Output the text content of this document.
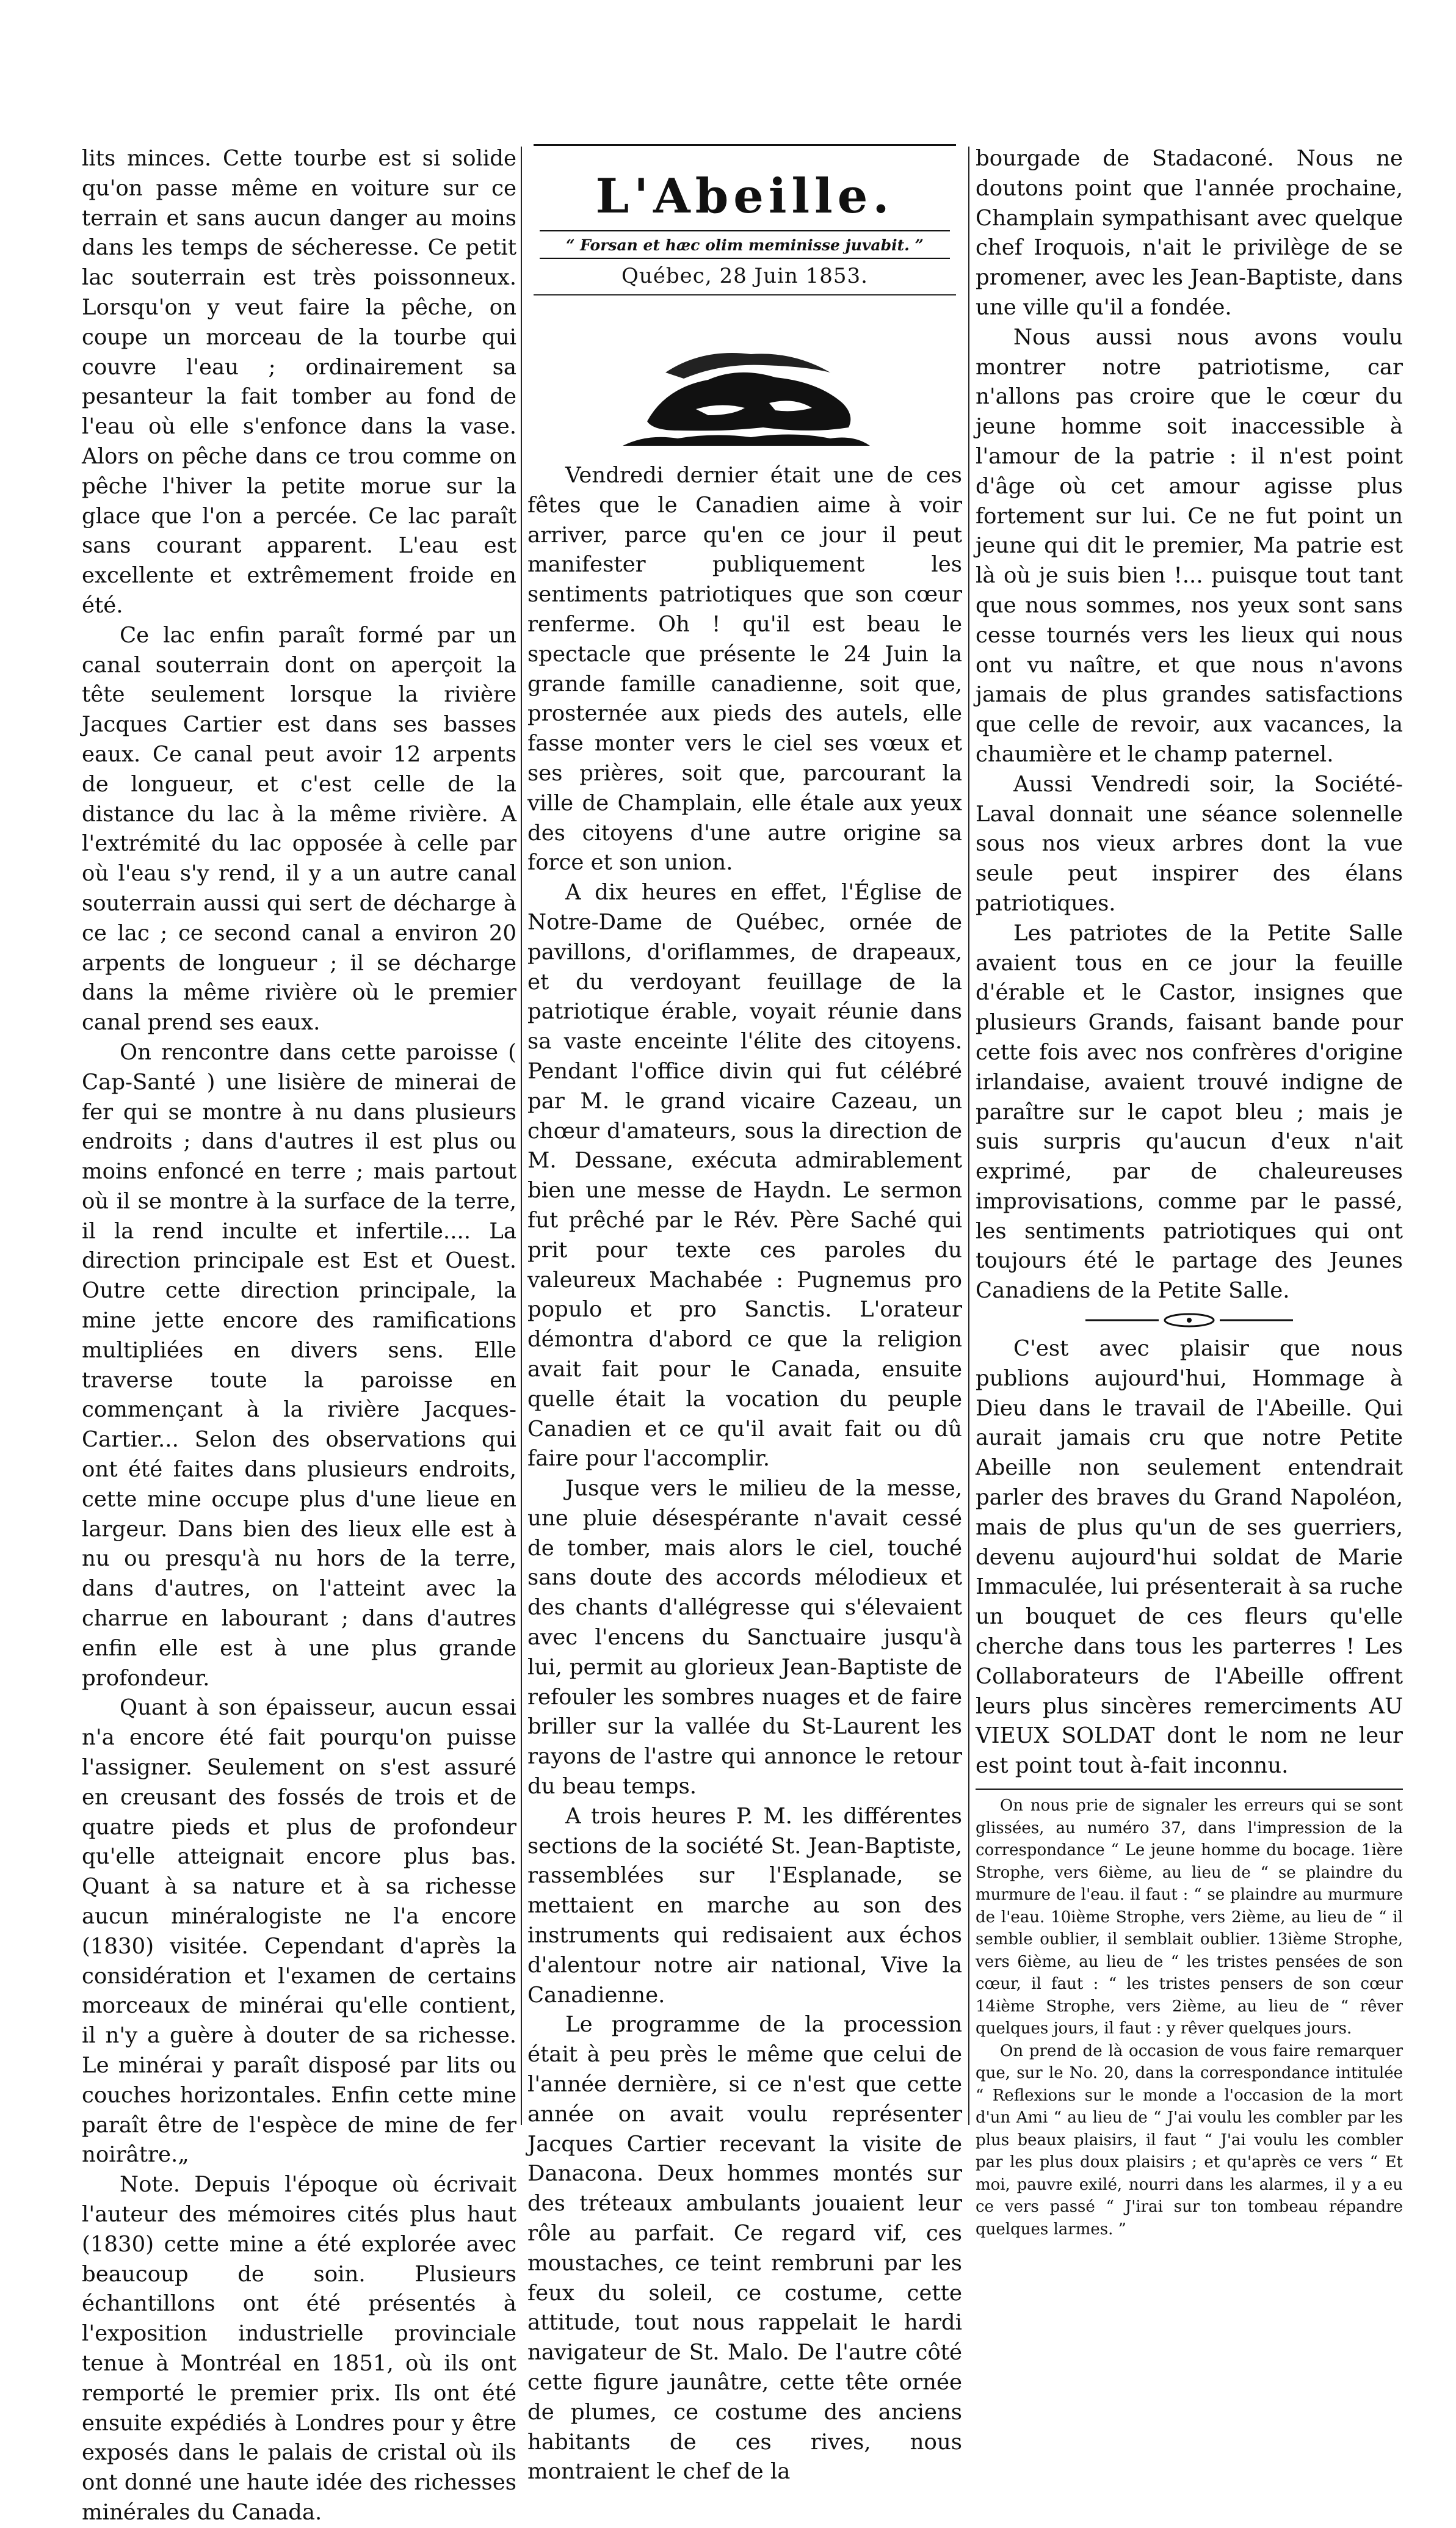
lits minces. Cette tourbe est si solide qu'on passe même en voiture sur ce terrain et sans aucun danger au moins dans les temps de sécheresse. Ce petit lac souterrain est très poissonneux. Lorsqu'on y veut faire la pêche, on coupe un morceau de la tourbe qui couvre l'eau ; ordinairement sa pesanteur la fait tomber au fond de l'eau où elle s'enfonce dans la vase. Alors on pêche dans ce trou comme on pêche l'hiver la petite morue sur la glace que l'on a percée. Ce lac paraît sans courant apparent. L'eau est excellente et extrêmement froide en été.

Ce lac enfin paraît formé par un canal souterrain dont on aperçoit la tête seulement lorsque la rivière Jacques Cartier est dans ses basses eaux. Ce canal peut avoir 12 arpents de longueur, et c'est celle de la distance du lac à la même rivière. A l'extrémité du lac opposée à celle par où l'eau s'y rend, il y a un autre canal souterrain aussi qui sert de décharge à ce lac ; ce second canal a environ 20 arpents de longueur ; il se décharge dans la même rivière où le premier canal prend ses eaux.

On rencontre dans cette paroisse ( Cap-Santé ) une lisière de minerai de fer qui se montre à nu dans plusieurs endroits ; dans d'autres il est plus ou moins enfoncé en terre ; mais partout où il se montre à la surface de la terre, il la rend inculte et infertile.... La direction principale est Est et Ouest. Outre cette direction principale, la mine jette encore des ramifications multipliées en divers sens. Elle traverse toute la paroisse en commençant à la rivière Jacques-Cartier... Selon des observations qui ont été faites dans plusieurs endroits, cette mine occupe plus d'une lieue en largeur. Dans bien des lieux elle est à nu ou presqu'à nu hors de la terre, dans d'autres, on l'atteint avec la charrue en labourant ; dans d'autres enfin elle est à une plus grande profondeur.

Quant à son épaisseur, aucun essai n'a encore été fait pourqu'on puisse l'assigner. Seulement on s'est assuré en creusant des fossés de trois et de quatre pieds et plus de profondeur qu'elle atteignait encore plus bas. Quant à sa nature et à sa richesse aucun minéralogiste ne l'a encore (1830) visitée. Cependant d'après la considération et l'examen de certains morceaux de minérai qu'elle contient, il n'y a guère à douter de sa richesse. Le minérai y paraît disposé par lits ou couches horizontales. Enfin cette mine paraît être de l'espèce de mine de fer noirâtre.„

Note. Depuis l'époque où écrivait l'auteur des mémoires cités plus haut (1830) cette mine a été explorée avec beaucoup de soin. Plusieurs échantillons ont été présentés à l'exposition industrielle provinciale tenue à Montréal en 1851, où ils ont remporté le premier prix. Ils ont été ensuite expédiés à Londres pour y être exposés dans le palais de cristal où ils ont donné une haute idée des richesses minérales du Canada.

L'Abeille.
“ Forsan et hæc olim meminisse juvabit. ”
Québec, 28 Juin 1853.

Vendredi dernier était une de ces fêtes que le Canadien aime à voir arriver, parce qu'en ce jour il peut manifester publiquement les sentiments patriotiques que son cœur renferme. Oh ! qu'il est beau le spectacle que présente le 24 Juin la grande famille canadienne, soit que, prosternée aux pieds des autels, elle fasse monter vers le ciel ses vœux et ses prières, soit que, parcourant la ville de Champlain, elle étale aux yeux des citoyens d'une autre origine sa force et son union.

A dix heures en effet, l'Église de Notre-Dame de Québec, ornée de pavillons, d'oriflammes, de drapeaux, et du verdoyant feuillage de la patriotique érable, voyait réunie dans sa vaste enceinte l'élite des citoyens. Pendant l'office divin qui fut célébré par M. le grand vicaire Cazeau, un chœur d'amateurs, sous la direction de M. Dessane, exécuta admirablement bien une messe de Haydn. Le sermon fut prêché par le Rév. Père Saché qui prit pour texte ces paroles du valeureux Machabée : Pugnemus pro populo et pro Sanctis. L'orateur démontra d'abord ce que la religion avait fait pour le Canada, ensuite quelle était la vocation du peuple Canadien et ce qu'il avait fait ou dû faire pour l'accomplir.

Jusque vers le milieu de la messe, une pluie désespérante n'avait cessé de tomber, mais alors le ciel, touché sans doute des accords mélodieux et des chants d'allégresse qui s'élevaient avec l'encens du Sanctuaire jusqu'à lui, permit au glorieux Jean-Baptiste de refouler les sombres nuages et de faire briller sur la vallée du St-Laurent les rayons de l'astre qui annonce le retour du beau temps.

A trois heures P. M. les différentes sections de la société St. Jean-Baptiste, rassemblées sur l'Esplanade, se mettaient en marche au son des instruments qui redisaient aux échos d'alentour notre air national, Vive la Canadienne.

Le programme de la procession était à peu près le même que celui de l'année dernière, si ce n'est que cette année on avait voulu représenter Jacques Cartier recevant la visite de Danacona. Deux hommes montés sur des tréteaux ambulants jouaient leur rôle au parfait. Ce regard vif, ces moustaches, ce teint rembruni par les feux du soleil, ce costume, cette attitude, tout nous rappelait le hardi navigateur de St. Malo. De l'autre côté cette figure jaunâtre, cette tête ornée de plumes, ce costume des anciens habitants de ces rives, nous montraient le chef de la

bourgade de Stadaconé. Nous ne doutons point que l'année prochaine, Champlain sympathisant avec quelque chef Iroquois, n'ait le privilège de se promener, avec les Jean-Baptiste, dans une ville qu'il a fondée.

Nous aussi nous avons voulu montrer notre patriotisme, car n'allons pas croire que le cœur du jeune homme soit inaccessible à l'amour de la patrie : il n'est point d'âge où cet amour agisse plus fortement sur lui. Ce ne fut point un jeune qui dit le premier, Ma patrie est là où je suis bien !... puisque tout tant que nous sommes, nos yeux sont sans cesse tournés vers les lieux qui nous ont vu naître, et que nous n'avons jamais de plus grandes satisfactions que celle de revoir, aux vacances, la chaumière et le champ paternel.

Aussi Vendredi soir, la Société-Laval donnait une séance solennelle sous nos vieux arbres dont la vue seule peut inspirer des élans patriotiques.

Les patriotes de la Petite Salle avaient tous en ce jour la feuille d'érable et le Castor, insignes que plusieurs Grands, faisant bande pour cette fois avec nos confrères d'origine irlandaise, avaient trouvé indigne de paraître sur le capot bleu ; mais je suis surpris qu'aucun d'eux n'ait exprimé, par de chaleureuses improvisations, comme par le passé, les sentiments patriotiques qui ont toujours été le partage des Jeunes Canadiens de la Petite Salle.

C'est avec plaisir que nous publions aujourd'hui, Hommage à Dieu dans le travail de l'Abeille. Qui aurait jamais cru que notre Petite Abeille non seulement entendrait parler des braves du Grand Napoléon, mais de plus qu'un de ses guerriers, devenu aujourd'hui soldat de Marie Immaculée, lui présenterait à sa ruche un bouquet de ces fleurs qu'elle cherche dans tous les parterres ! Les Collaborateurs de l'Abeille offrent leurs plus sincères remerciments AU VIEUX SOLDAT dont le nom ne leur est point tout à-fait inconnu.

On nous prie de signaler les erreurs qui se sont glissées, au numéro 37, dans l'impression de la correspondance “ Le jeune homme du bocage. 1ière Strophe, vers 6ième, au lieu de “ se plaindre du murmure de l'eau. il faut : “ se plaindre au murmure de l'eau. 10ième Strophe, vers 2ième, au lieu de “ il semble oublier, il semblait oublier. 13ième Strophe, vers 6ième, au lieu de “ les tristes pensées de son cœur, il faut : “ les tristes pensers de son cœur 14ième Strophe, vers 2ième, au lieu de “ rêver quelques jours, il faut : y rêver quelques jours.

On prend de là occasion de vous faire remarquer que, sur le No. 20, dans la correspondance intitulée “ Reflexions sur le monde a l'occasion de la mort d'un Ami “ au lieu de “ J'ai voulu les combler par les plus beaux plaisirs, il faut “ J'ai voulu les combler par les plus doux plaisirs ; et qu'après ce vers “ Et moi, pauvre exilé, nourri dans les alarmes, il y a eu ce vers passé “ J'irai sur ton tombeau répandre quelques larmes. ”
